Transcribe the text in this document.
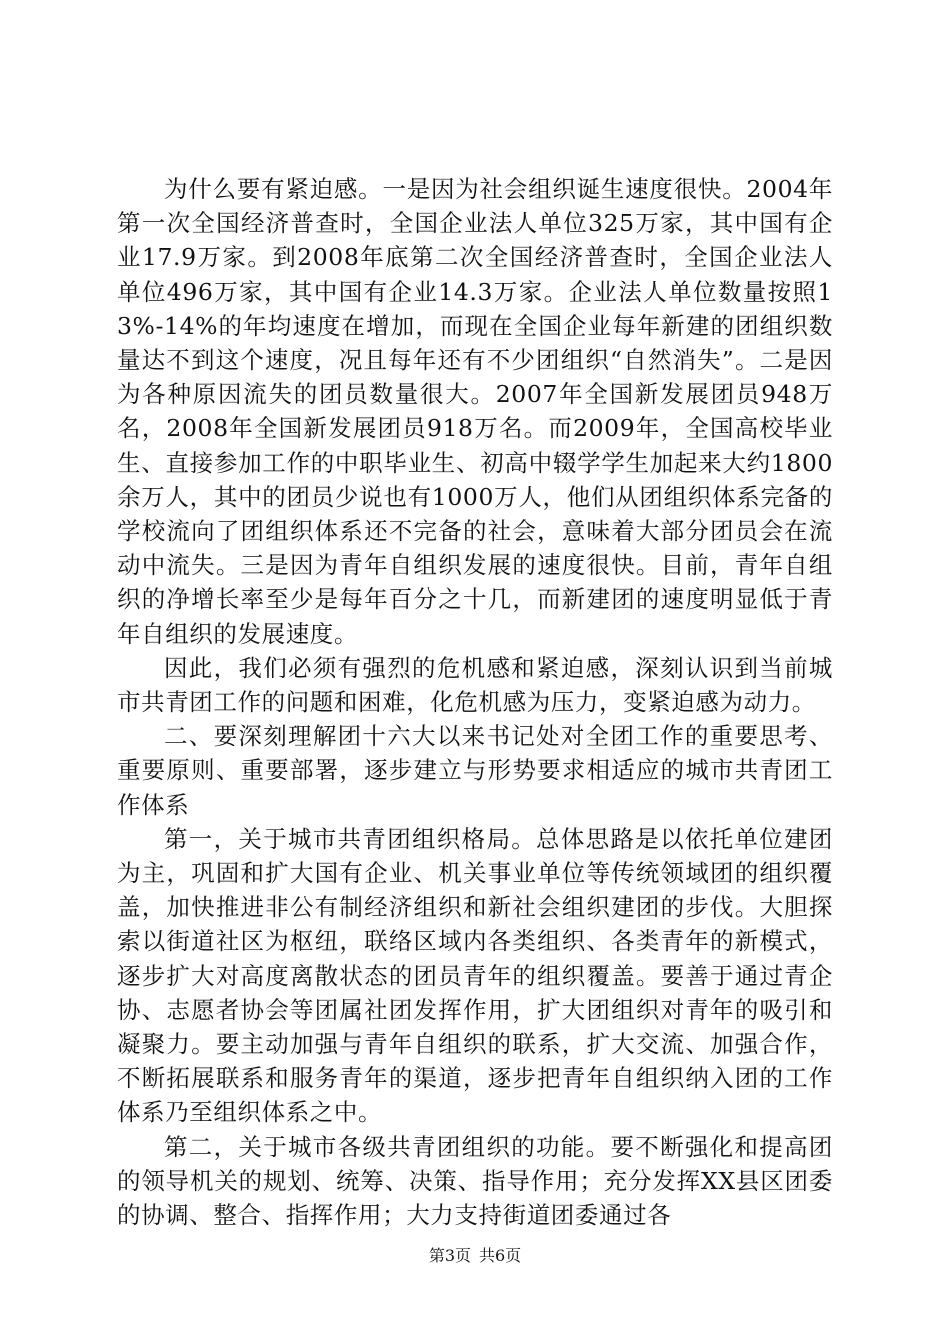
为什么要有紧迫感。一是因为社会组织诞生速度很快。2004年第一次全国经济普查时，全国企业法人单位325万家，其中国有企业17.9万家。到2008年底第二次全国经济普查时，全国企业法人单位496万家，其中国有企业14.3万家。企业法人单位数量按照13%-14%的年均速度在增加，而现在全国企业每年新建的团组织数量达不到这个速度，况且每年还有不少团组织“自然消失”。二是因为各种原因流失的团员数量很大。2007年全国新发展团员948万名，2008年全国新发展团员918万名。而2009年，全国高校毕业生、直接参加工作的中职毕业生、初高中辍学学生加起来大约1800余万人，其中的团员少说也有1000万人，他们从团组织体系完备的学校流向了团组织体系还不完备的社会，意味着大部分团员会在流动中流失。三是因为青年自组织发展的速度很快。目前，青年自组织的净增长率至少是每年百分之十几，而新建团的速度明显低于青年自组织的发展速度。

因此，我们必须有强烈的危机感和紧迫感，深刻认识到当前城市共青团工作的问题和困难，化危机感为压力，变紧迫感为动力。

二、要深刻理解团十六大以来书记处对全团工作的重要思考、重要原则、重要部署，逐步建立与形势要求相适应的城市共青团工作体系

第一，关于城市共青团组织格局。总体思路是以依托单位建团为主，巩固和扩大国有企业、机关事业单位等传统领域团的组织覆盖，加快推进非公有制经济组织和新社会组织建团的步伐。大胆探索以街道社区为枢纽，联络区域内各类组织、各类青年的新模式，逐步扩大对高度离散状态的团员青年的组织覆盖。要善于通过青企协、志愿者协会等团属社团发挥作用，扩大团组织对青年的吸引和凝聚力。要主动加强与青年自组织的联系，扩大交流、加强合作，不断拓展联系和服务青年的渠道，逐步把青年自组织纳入团的工作体系乃至组织体系之中。

第二，关于城市各级共青团组织的功能。要不断强化和提高团的领导机关的规划、统筹、决策、指导作用；充分发挥XX县区团委的协调、整合、指挥作用；大力支持街道团委通过各

第3页 共6页
